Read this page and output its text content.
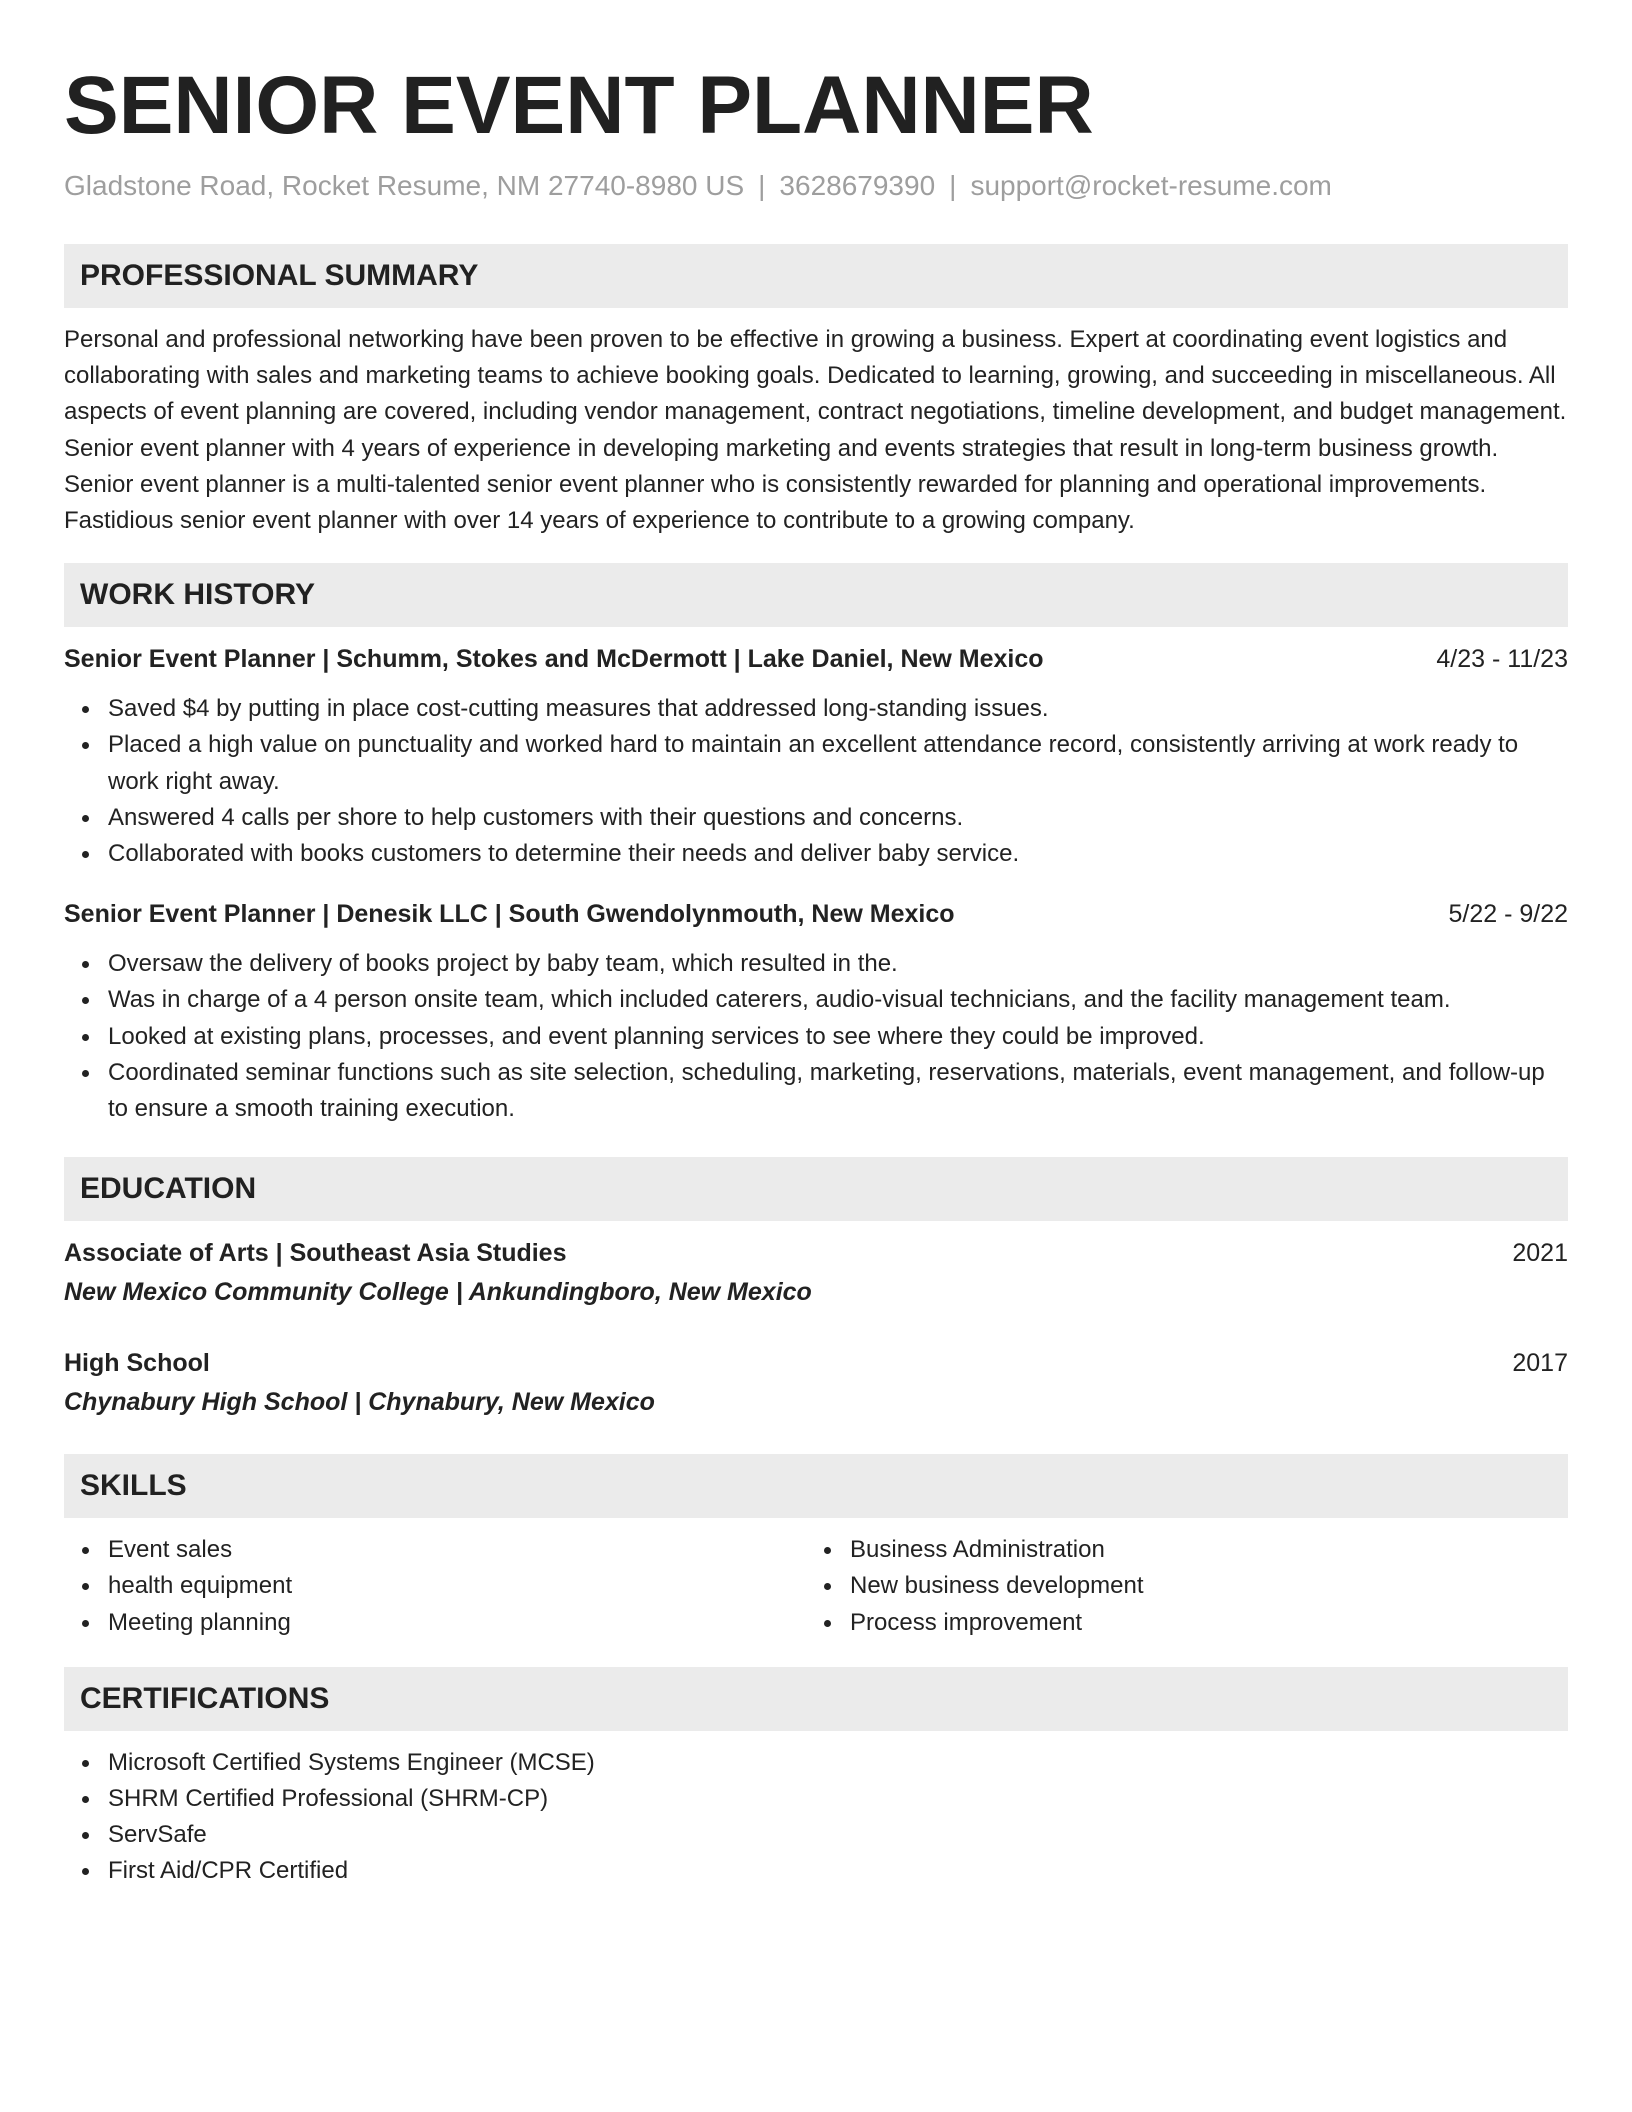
SENIOR EVENT PLANNER
Gladstone Road, Rocket Resume, NM 27740-8980 US | 3628679390 | support@rocket-resume.com
PROFESSIONAL SUMMARY

Personal and professional networking have been proven to be effective in growing a business. Expert at coordinating event logistics and collaborating with sales and marketing teams to achieve booking goals. Dedicated to learning, growing, and succeeding in miscellaneous. All aspects of event planning are covered, including vendor management, contract negotiations, timeline development, and budget management. Senior event planner with 4 years of experience in developing marketing and events strategies that result in long-term business growth. Senior event planner is a multi-talented senior event planner who is consistently rewarded for planning and operational improvements. Fastidious senior event planner with over 14 years of experience to contribute to a growing company.

WORK HISTORY
Senior Event Planner | Schumm, Stokes and McDermott | Lake Daniel, New Mexico	4/23 - 11/23
Saved $4 by putting in place cost-cutting measures that addressed long-standing issues.
Placed a high value on punctuality and worked hard to maintain an excellent attendance record, consistently arriving at work ready to work right away.
Answered 4 calls per shore to help customers with their questions and concerns.
Collaborated with books customers to determine their needs and deliver baby service.
Senior Event Planner | Denesik LLC | South Gwendolynmouth, New Mexico	5/22 - 9/22
Oversaw the delivery of books project by baby team, which resulted in the.
Was in charge of a 4 person onsite team, which included caterers, audio-visual technicians, and the facility management team.
Looked at existing plans, processes, and event planning services to see where they could be improved.
Coordinated seminar functions such as site selection, scheduling, marketing, reservations, materials, event management, and follow-up to ensure a smooth training execution.
EDUCATION
Associate of Arts | Southeast Asia Studies	2021
New Mexico Community College | Ankundingboro, New Mexico
High School	2017
Chynabury High School | Chynabury, New Mexico
SKILLS
Event sales
health equipment
Meeting planning
Business Administration
New business development
Process improvement
CERTIFICATIONS
Microsoft Certified Systems Engineer (MCSE)
SHRM Certified Professional (SHRM-CP)
ServSafe
First Aid/CPR Certified
